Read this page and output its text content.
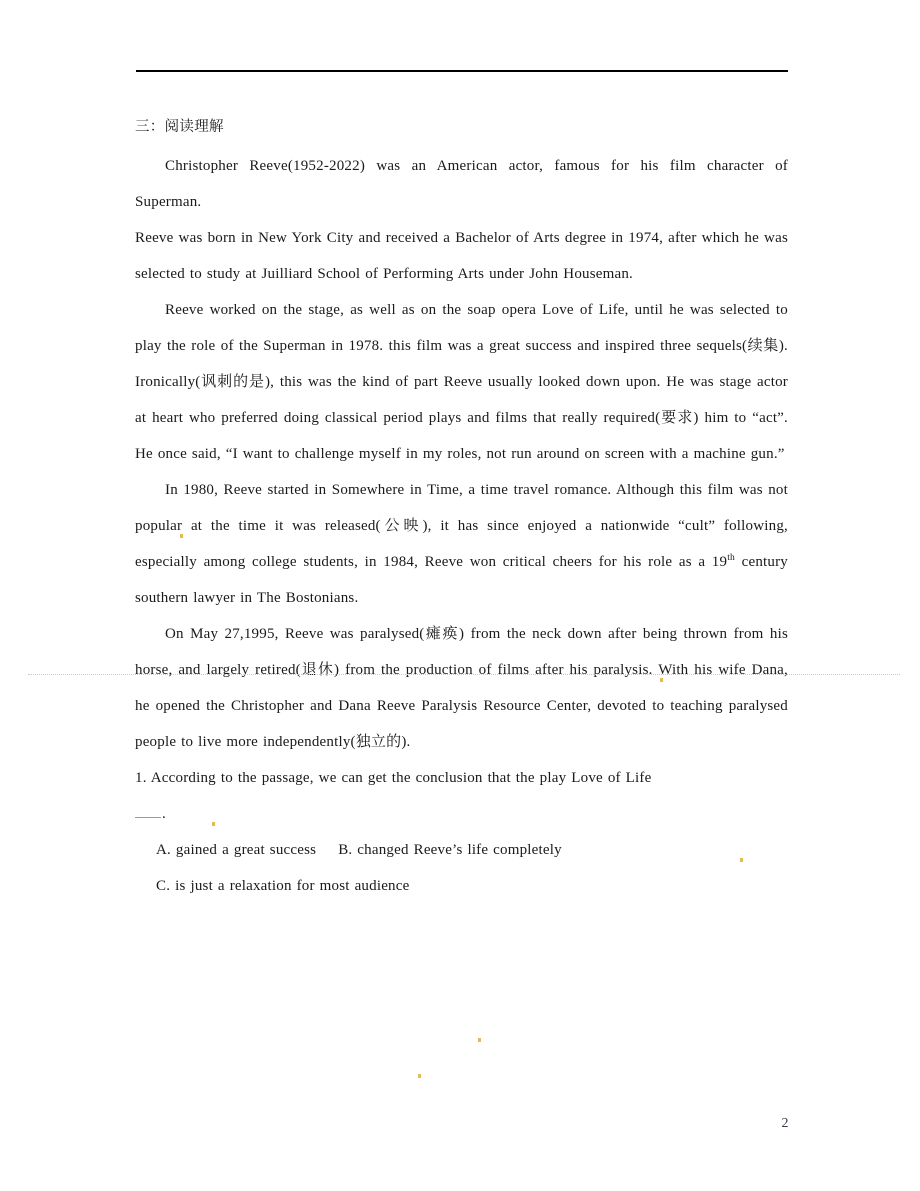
三：阅读理解

Christopher Reeve(1952-2022) was an American actor, famous for his film character of Superman.

Reeve was born in New York City and received a Bachelor of Arts degree in 1974, after which he was selected to study at Juilliard School of Performing Arts under John Houseman.

Reeve worked on the stage, as well as on the soap opera Love of Life, until he was selected to play the role of the Superman in 1978. this film was a great success and inspired three sequels(续集). Ironically(讽刺的是), this was the kind of part Reeve usually looked down upon. He was stage actor at heart who preferred doing classical period plays and films that really required(要求) him to “act”. He once said, “I want to challenge myself in my roles, not run around on screen with a machine gun.”

In 1980, Reeve started in Somewhere in Time, a time travel romance. Although this film was not popular at the time it was released(公映), it has since enjoyed a nationwide “cult” following, especially among college students, in 1984, Reeve won critical cheers for his role as a 19th century southern lawyer in The Bostonians.

On May 27,1995, Reeve was paralysed(瘫痪) from the neck down after being thrown from his horse, and largely retired(退休) from the production of films after his paralysis. With his wife Dana, he opened the Christopher and Dana Reeve Paralysis Resource Center, devoted to teaching paralysed people to live more independently(独立的).

1. According to the passage, we can get the conclusion that the play Love of Life
.

A. gained a great success B. changed Reeve’s life completely

C. is just a relaxation for most audience

2
